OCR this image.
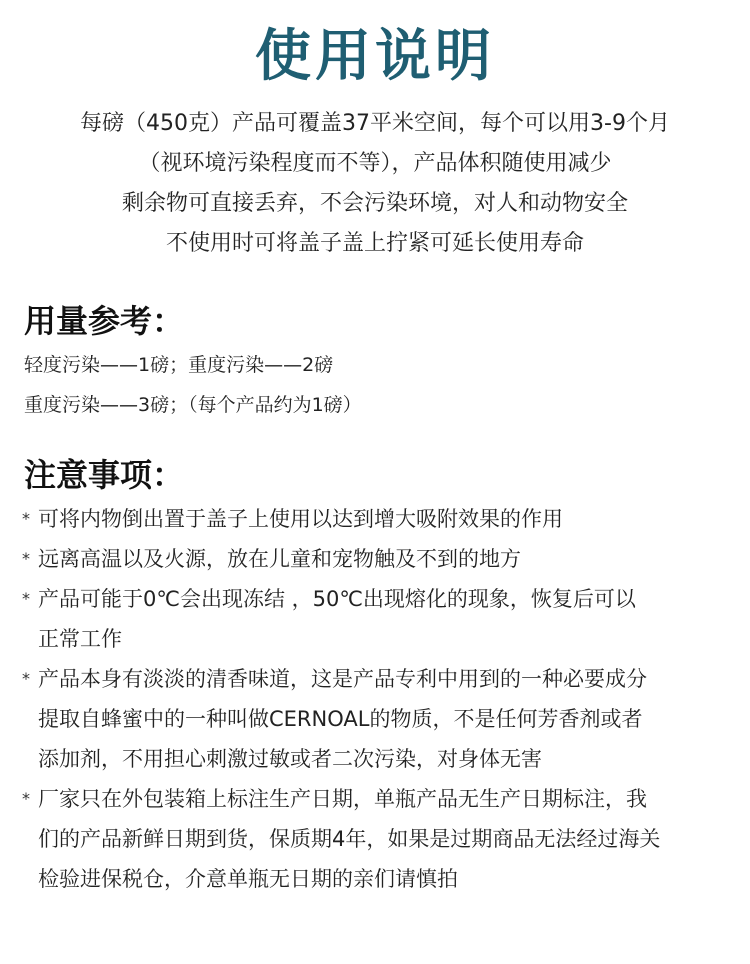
使用说明
每磅（450克）产品可覆盖37平米空间，每个可以用3-9个月
（视环境污染程度而不等），产品体积随使用减少
剩余物可直接丢弃，不会污染环境，对人和动物安全
不使用时可将盖子盖上拧紧可延长使用寿命
用量参考：
轻度污染——1磅；重度污染——2磅
重度污染——3磅；（每个产品约为1磅）
注意事项：
* 可将内物倒出置于盖子上使用以达到增大吸附效果的作用
* 远离高温以及火源，放在儿童和宠物触及不到的地方
* 产品可能于0℃会出现冻结 ，50℃出现熔化的现象，恢复后可以
正常工作
* 产品本身有淡淡的清香味道，这是产品专利中用到的一种必要成分
提取自蜂蜜中的一种叫做CERNOAL的物质，不是任何芳香剂或者
添加剂，不用担心刺激过敏或者二次污染，对身体无害
* 厂家只在外包装箱上标注生产日期，单瓶产品无生产日期标注，我
们的产品新鲜日期到货，保质期4年，如果是过期商品无法经过海关
检验进保税仓，介意单瓶无日期的亲们请慎拍
